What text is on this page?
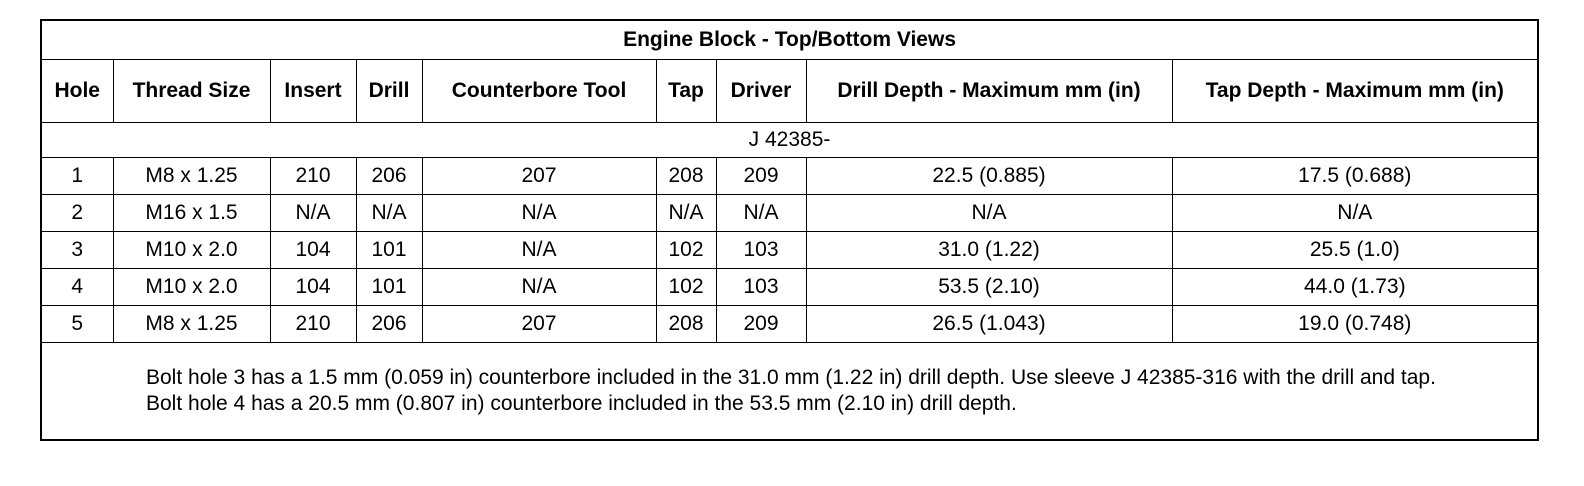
Engine Block - Top/Bottom Views								
Hole	Thread Size	Insert	Drill	Counterbore Tool	Tap	Driver	Drill Depth - Maximum mm (in)	Tap Depth - Maximum mm (in)
J 42385-								
1	M8 x 1.25	210	206	207	208	209	22.5 (0.885)	17.5 (0.688)
2	M16 x 1.5	N/A	N/A	N/A	N/A	N/A	N/A	N/A
3	M10 x 2.0	104	101	N/A	102	103	31.0 (1.22)	25.5 (1.0)
4	M10 x 2.0	104	101	N/A	102	103	53.5 (2.10)	44.0 (1.73)
5	M8 x 1.25	210	206	207	208	209	26.5 (1.043)	19.0 (0.748)

Bolt hole 3 has a 1.5 mm (0.059 in) counterbore included in the 31.0 mm (1.22 in) drill depth. Use sleeve J 42385-316 with the drill and tap.
Bolt hole 4 has a 20.5 mm (0.807 in) counterbore included in the 53.5 mm (2.10 in) drill depth.								
